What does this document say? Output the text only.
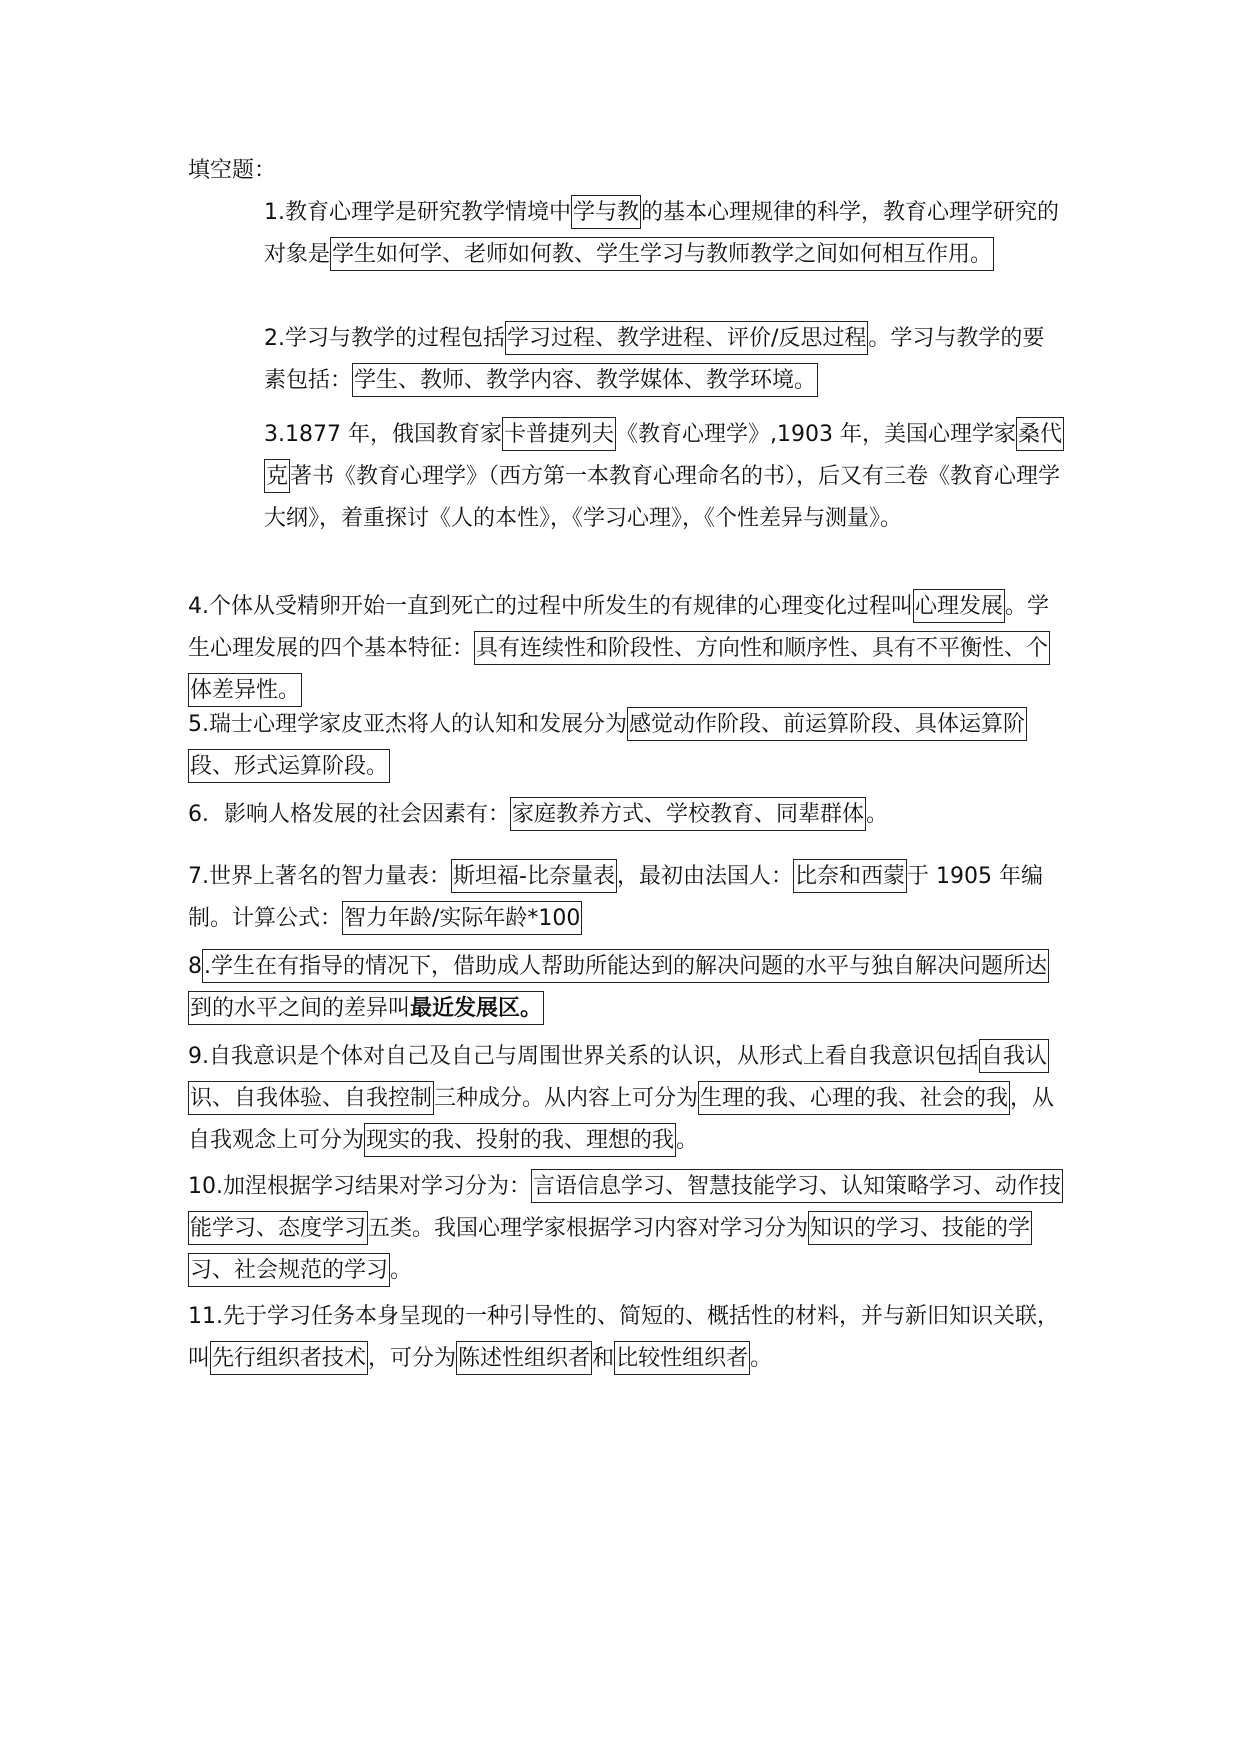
填空题：

1.教育心理学是研究教学情境中学与教的基本心理规律的科学，教育心理学研究的对象是学生如何学、老师如何教、学生学习与教师教学之间如何相互作用。

2.学习与教学的过程包括学习过程、教学进程、评价/反思过程。学习与教学的要素包括：学生、教师、教学内容、教学媒体、教学环境。

3.1877 年，俄国教育家卡普捷列夫《教育心理学》,1903 年，美国心理学家桑代克著书《教育心理学》（西方第一本教育心理命名的书），后又有三卷《教育心理学大纲》，着重探讨《人的本性》，《学习心理》，《个性差异与测量》。

4.个体从受精卵开始一直到死亡的过程中所发生的有规律的心理变化过程叫心理发展。学生心理发展的四个基本特征：具有连续性和阶段性、方向性和顺序性、具有不平衡性、个体差异性。

5.瑞士心理学家皮亚杰将人的认知和发展分为感觉动作阶段、前运算阶段、具体运算阶段、形式运算阶段。

6．影响人格发展的社会因素有：家庭教养方式、学校教育、同辈群体。

7.世界上著名的智力量表：斯坦福-比奈量表，最初由法国人：比奈和西蒙于 1905 年编制。计算公式：智力年龄/实际年龄*100

8.学生在有指导的情况下，借助成人帮助所能达到的解决问题的水平与独自解决问题所达到的水平之间的差异叫最近发展区。

9.自我意识是个体对自己及自己与周围世界关系的认识，从形式上看自我意识包括自我认识、自我体验、自我控制三种成分。从内容上可分为生理的我、心理的我、社会的我，从自我观念上可分为现实的我、投射的我、理想的我。

10.加涅根据学习结果对学习分为：言语信息学习、智慧技能学习、认知策略学习、动作技能学习、态度学习五类。我国心理学家根据学习内容对学习分为知识的学习、技能的学习、社会规范的学习。

11.先于学习任务本身呈现的一种引导性的、简短的、概括性的材料，并与新旧知识关联，叫先行组织者技术，可分为陈述性组织者和比较性组织者。
